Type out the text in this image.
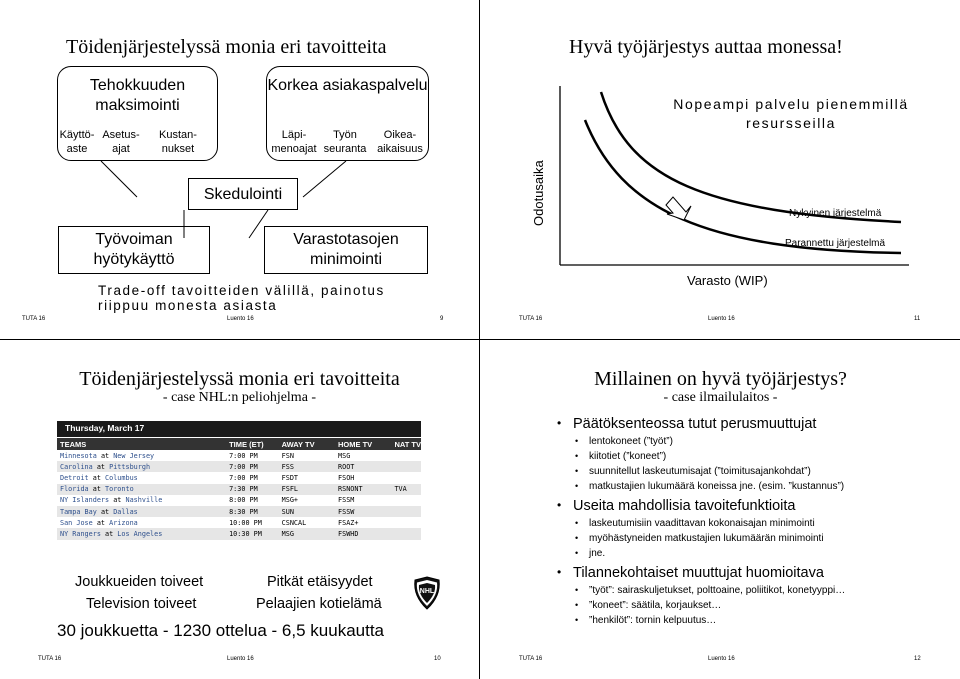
Töidenjärjestelyssä monia eri tavoitteita
Tehokkuuden maksimointi
Käyttö-aste
Asetus-ajat
Kustan-nukset
Korkea asiakaspalvelu
Läpi-menoajat
Työn seuranta
Oikea-aikaisuus
Skedulointi
Työvoiman hyötykäyttö
Varastotasojen minimointi
Trade-off tavoitteiden välillä, painotus riippuu monesta asiasta
TUTA 16	Luento 16	9
Hyvä työjärjestys auttaa monessa!
Odotusaika
Varasto (WIP)
Nopeampi palvelu pienemmillä resursseilla
Nykyinen järjestelmä
Parannettu järjestelmä
TUTA 16	Luento 16	11
Töidenjärjestelyssä monia eri tavoitteita
- case NHL:n peliohjelma -
Thursday, March 17
TEAMS	TIME (ET)	AWAY TV	HOME TV	NAT TV
Minnesota at New Jersey	7:00 PM	FSN	MSG	
Carolina at Pittsburgh	7:00 PM	FSS	ROOT	
Detroit at Columbus	7:00 PM	FSDT	FSOH	
Florida at Toronto	7:30 PM	FSFL	RSNONT	TVA
NY Islanders at Nashville	8:00 PM	MSG+	FSSM	
Tampa Bay at Dallas	8:30 PM	SUN	FSSW	
San Jose at Arizona	10:00 PM	CSNCAL	FSAZ+	
NY Rangers at Los Angeles	10:30 PM	MSG	FSWHD	
Joukkueiden toiveet	Pitkät etäisyydet
Television toiveet	Pelaajien kotielämä
NHL
30 joukkuetta - 1230 ottelua - 6,5 kuukautta
TUTA 16	Luento 16	10
Millainen on hyvä työjärjestys?
- case ilmailulaitos -
• Päätöksenteossa tutut perusmuuttujat
• lentokoneet (”työt”)
• kiitotiet (”koneet”)
• suunnitellut laskeutumisajat (”toimitusajankohdat”)
• matkustajien lukumäärä koneissa jne. (esim. ”kustannus”)
• Useita mahdollisia tavoitefunktioita
• laskeutumisiin vaadittavan kokonaisajan minimointi
• myöhästyneiden matkustajien lukumäärän minimointi
• jne.
• Tilannekohtaiset muuttujat huomioitava
• ”työt”: sairaskuljetukset, polttoaine, poliitikot, konetyyppi…
• ”koneet”: säätila, korjaukset…
• ”henkilöt”: tornin kelpuutus…
TUTA 16	Luento 16	12
